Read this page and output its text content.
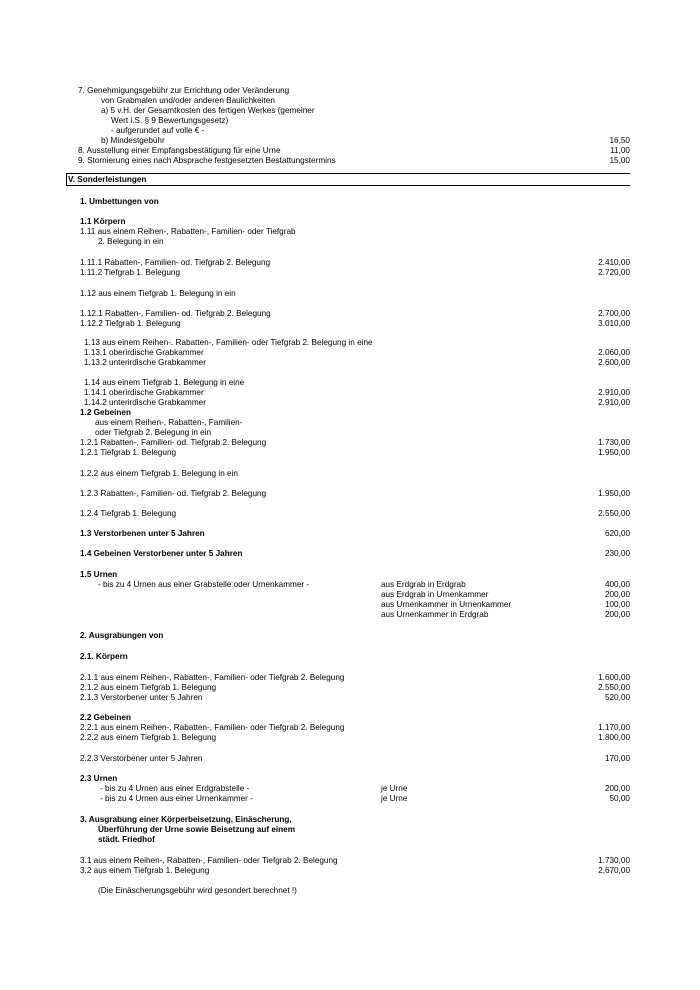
7. Genehmigungsgebühr zur Errichtung oder Veränderung
von Grabmalen und/oder anderen Baulichkeiten
a) 5 v.H. der Gesamtkosten des fertigen Werkes (gemeiner
Wert i.S. § 9 Bewertungsgesetz)
- aufgerundet auf volle € -
b) Mindestgebühr	16,50
8. Ausstellung einer Empfangsbestätigung für eine Urne	11,00
9. Stornierung eines nach Absprache festgesetzten Bestattungstermins	15,00
V. Sonderleistungen
1. Umbettungen von
1.1 Körpern
1.11 aus einem Reihen-, Rabatten-, Familien- oder Tiefgrab
2. Belegung in ein
1.11.1 Rabatten-, Familien- od. Tiefgrab 2. Belegung	2.410,00
1.11.2 Tiefgrab 1. Belegung	2.720,00
1.12 aus einem Tiefgrab 1. Belegung in ein
1.12.1 Rabatten-, Familien- od. Tiefgrab 2. Belegung	2.700,00
1.12.2 Tiefgrab 1. Belegung	3.010,00
1.13 aus einem Reihen-. Rabatten-, Familien- oder Tiefgrab 2. Belegung in eine
1.13.1 oberirdische Grabkammer	2.060,00
1.13.2 unterirdische Grabkammer	2.600,00
1.14 aus einem Tiefgrab 1. Belegung in eine
1.14.1 oberirdische Grabkammer	2.910,00
1.14.2 unterirdische Grabkammer	2.910,00
1.2 Gebeinen
aus einem Reihen-, Rabatten-, Familien-
oder Tiefgrab 2. Belegung in ein
1.2.1 Rabatten-, Familien- od. Tiefgrab 2. Belegung	1.730,00
1.2.1 Tiefgrab 1. Belegung	1.950,00
1.2.2 aus einem Tiefgrab 1. Belegung in ein
1.2.3 Rabatten-, Familien- od. Tiefgrab 2. Belegung	1.950,00
1.2.4 Tiefgrab 1. Belegung	2.550,00
1.3 Verstorbenen unter 5 Jahren	620,00
1.4 Gebeinen Verstorbener unter 5 Jahren	230,00
1.5 Urnen
- bis zu 4 Urnen aus einer Grabstelle oder Urnenkammer -	aus Erdgrab in Erdgrab	400,00
aus Erdgrab in Urnenkammer	200,00
aus Urnenkammer in Urnenkammer	100,00
aus Urnenkammer in Erdgrab	200,00
2. Ausgrabungen von
2.1. Körpern
2.1.1 aus einem Reihen-, Rabatten-, Familien- oder Tiefgrab 2. Belegung	1.600,00
2.1.2 aus einem Tiefgrab 1. Belegung	2.550,00
2.1.3 Verstorbener unter 5 Jahren	520,00
2.2 Gebeinen
2.2.1 aus einem Reihen-, Rabatten-, Familien- oder Tiefgrab 2. Belegung	1.170,00
2.2.2 aus einem Tiefgrab 1. Belegung	1.800,00
2.2.3 Verstorbener unter 5 Jahren	170,00
2.3 Urnen
- bis zu 4 Urnen aus einer Erdgrabstelle -	je Urne	200,00
- bis zu 4 Urnen aus einer Urnenkammer -	je Urne	50,00
3. Ausgrabung einer Körperbeisetzung, Einäscherung,
Überführung der Urne sowie Beisetzung auf einem
städt. Friedhof
3.1 aus einem Reihen-, Rabatten-, Familien- oder Tiefgrab 2. Belegung	1.730,00
3.2 aus einem Tiefgrab 1. Belegung	2.670,00
(Die Einäscherungsgebühr wird gesondert berechnet !)
